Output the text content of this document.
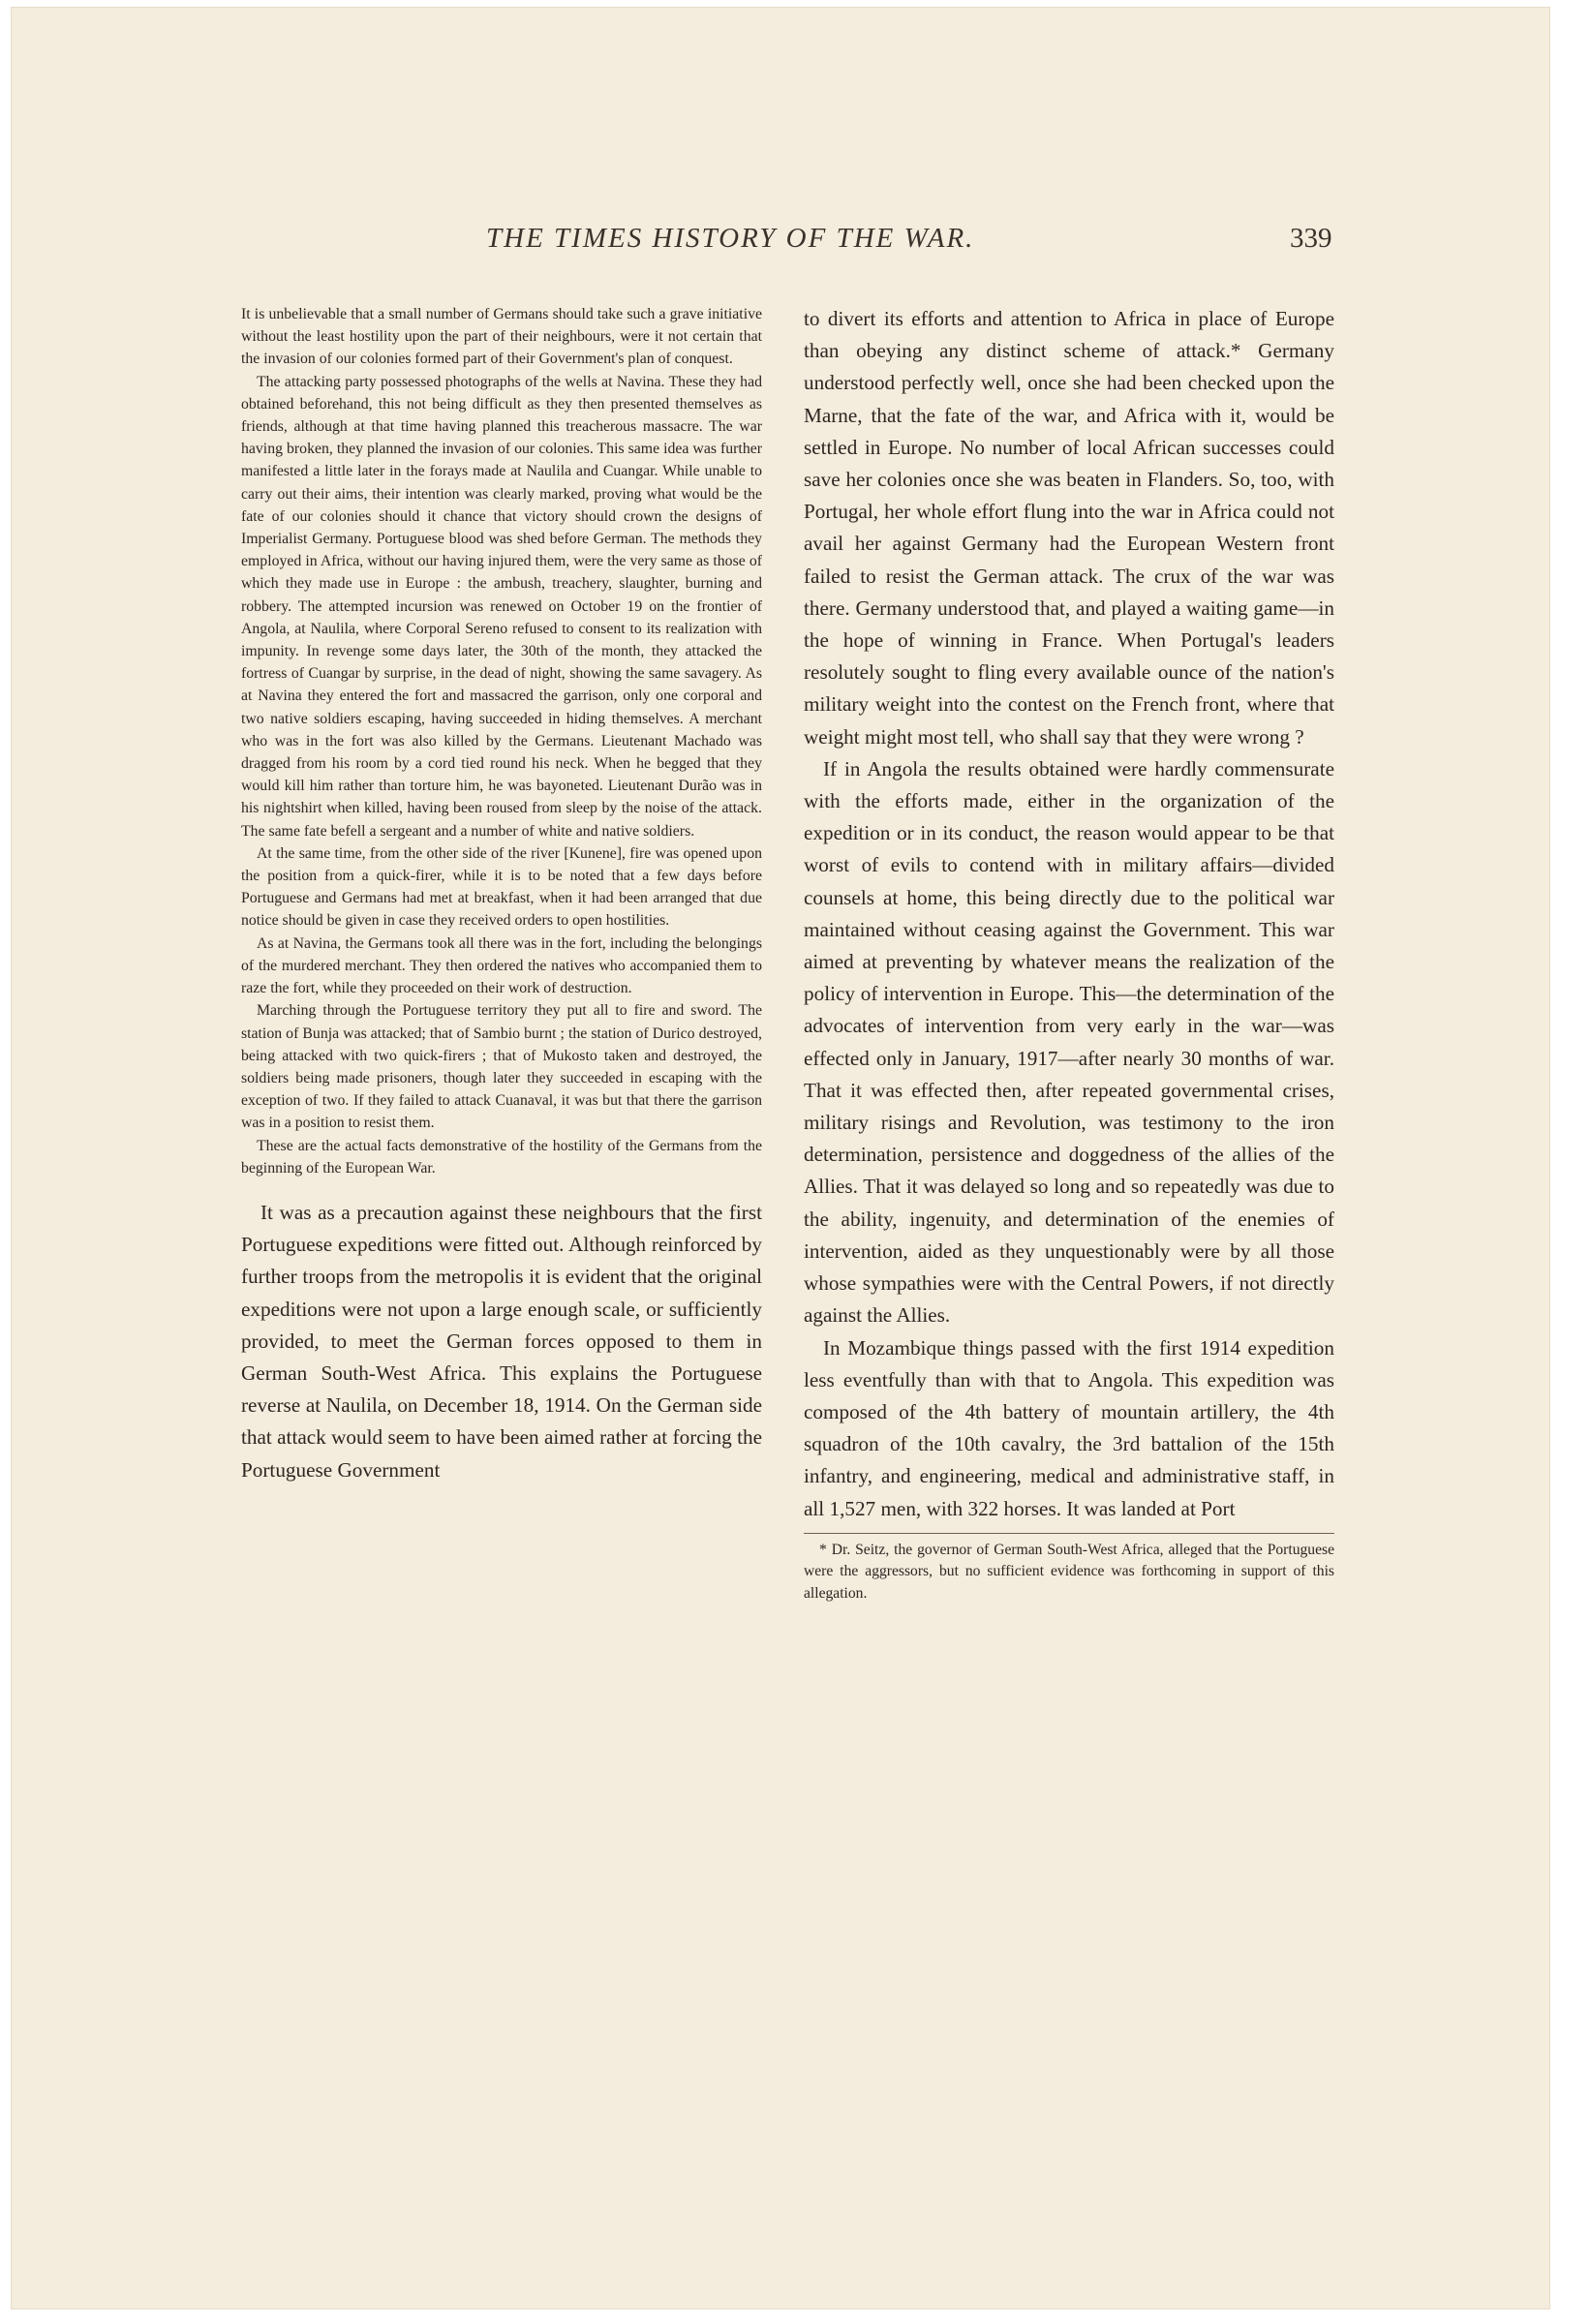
THE TIMES HISTORY OF THE WAR.	339

It is unbelievable that a small number of Germans should take such a grave initiative without the least hostility upon the part of their neighbours, were it not certain that the invasion of our colonies formed part of their Government's plan of conquest.

The attacking party possessed photographs of the wells at Navina. These they had obtained beforehand, this not being difficult as they then presented themselves as friends, although at that time having planned this treacherous massacre. The war having broken, they planned the invasion of our colonies. This same idea was further manifested a little later in the forays made at Naulila and Cuangar. While unable to carry out their aims, their intention was clearly marked, proving what would be the fate of our colonies should it chance that victory should crown the designs of Imperialist Germany. Portuguese blood was shed before German. The methods they employed in Africa, without our having injured them, were the very same as those of which they made use in Europe : the ambush, treachery, slaughter, burning and robbery. The attempted incursion was renewed on October 19 on the frontier of Angola, at Naulila, where Corporal Sereno refused to consent to its realization with impunity. In revenge some days later, the 30th of the month, they attacked the fortress of Cuangar by surprise, in the dead of night, showing the same savagery. As at Navina they entered the fort and massacred the garrison, only one corporal and two native soldiers escaping, having succeeded in hiding themselves. A merchant who was in the fort was also killed by the Germans. Lieutenant Machado was dragged from his room by a cord tied round his neck. When he begged that they would kill him rather than torture him, he was bayoneted. Lieutenant Durão was in his nightshirt when killed, having been roused from sleep by the noise of the attack. The same fate befell a sergeant and a number of white and native soldiers.

At the same time, from the other side of the river [Kunene], fire was opened upon the position from a quick-firer, while it is to be noted that a few days before Portuguese and Germans had met at breakfast, when it had been arranged that due notice should be given in case they received orders to open hostilities.

As at Navina, the Germans took all there was in the fort, including the belongings of the murdered merchant. They then ordered the natives who accompanied them to raze the fort, while they proceeded on their work of destruction.

Marching through the Portuguese territory they put all to fire and sword. The station of Bunja was attacked; that of Sambio burnt ; the station of Durico destroyed, being attacked with two quick-firers ; that of Mukosto taken and destroyed, the soldiers being made prisoners, though later they succeeded in escaping with the exception of two. If they failed to attack Cuanaval, it was but that there the garrison was in a position to resist them.

These are the actual facts demonstrative of the hostility of the Germans from the beginning of the European War.

It was as a precaution against these neighbours that the first Portuguese expeditions were fitted out. Although reinforced by further troops from the metropolis it is evident that the original expeditions were not upon a large enough scale, or sufficiently provided, to meet the German forces opposed to them in German South-West Africa. This explains the Portuguese reverse at Naulila, on December 18, 1914. On the German side that attack would seem to have been aimed rather at forcing the Portuguese Government

to divert its efforts and attention to Africa in place of Europe than obeying any distinct scheme of attack.* Germany understood perfectly well, once she had been checked upon the Marne, that the fate of the war, and Africa with it, would be settled in Europe. No number of local African successes could save her colonies once she was beaten in Flanders. So, too, with Portugal, her whole effort flung into the war in Africa could not avail her against Germany had the European Western front failed to resist the German attack. The crux of the war was there. Germany understood that, and played a waiting game—in the hope of winning in France. When Portugal's leaders resolutely sought to fling every available ounce of the nation's military weight into the contest on the French front, where that weight might most tell, who shall say that they were wrong ?

If in Angola the results obtained were hardly commensurate with the efforts made, either in the organization of the expedition or in its conduct, the reason would appear to be that worst of evils to contend with in military affairs—divided counsels at home, this being directly due to the political war maintained without ceasing against the Government. This war aimed at preventing by whatever means the realization of the policy of intervention in Europe. This—the determination of the advocates of intervention from very early in the war—was effected only in January, 1917—after nearly 30 months of war. That it was effected then, after repeated governmental crises, military risings and Revolution, was testimony to the iron determination, persistence and doggedness of the allies of the Allies. That it was delayed so long and so repeatedly was due to the ability, ingenuity, and determination of the enemies of intervention, aided as they unquestionably were by all those whose sympathies were with the Central Powers, if not directly against the Allies.

In Mozambique things passed with the first 1914 expedition less eventfully than with that to Angola. This expedition was composed of the 4th battery of mountain artillery, the 4th squadron of the 10th cavalry, the 3rd battalion of the 15th infantry, and engineering, medical and administrative staff, in all 1,527 men, with 322 horses. It was landed at Port

* Dr. Seitz, the governor of German South-West Africa, alleged that the Portuguese were the aggressors, but no sufficient evidence was forthcoming in support of this allegation.
